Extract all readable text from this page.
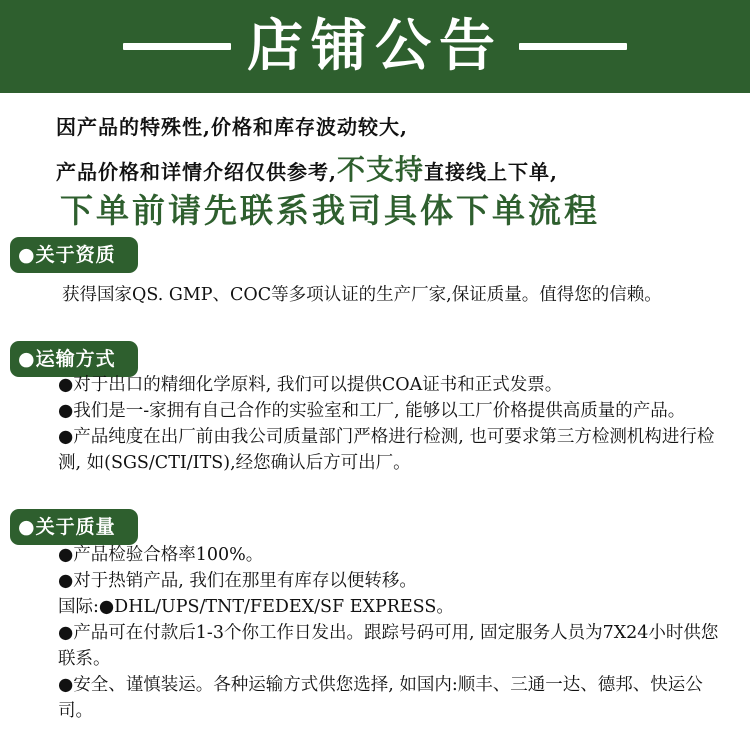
店铺公告
因产品的特殊性,价格和库存波动较大,
产品价格和详情介绍仅供参考,不支持直接线上下单,
下单前请先联系我司具体下单流程
●关于资质
获得国家QS. GMP、COC等多项认证的生产厂家,保证质量。值得您的信赖。
●运输方式
●对于出口的精细化学原料, 我们可以提供COA证书和正式发票。
●我们是一-家拥有自己合作的实验室和工厂, 能够以工厂价格提供高质量的产品。
●产品纯度在出厂前由我公司质量部门严格进行检测, 也可要求第三方检测机构进行检测, 如(SGS/CTI/ITS),经您确认后方可出厂。
●关于质量
●产品检验合格率100%。
●对于热销产品, 我们在那里有库存以便转移。
国际:●DHL/UPS/TNT/FEDEX/SF EXPRESS。
●产品可在付款后1-3个你工作日发出。跟踪号码可用, 固定服务人员为7X24小时供您联系。
●安全、谨慎装运。各种运输方式供您选择, 如国内:顺丰、三通一达、德邦、快运公司。
